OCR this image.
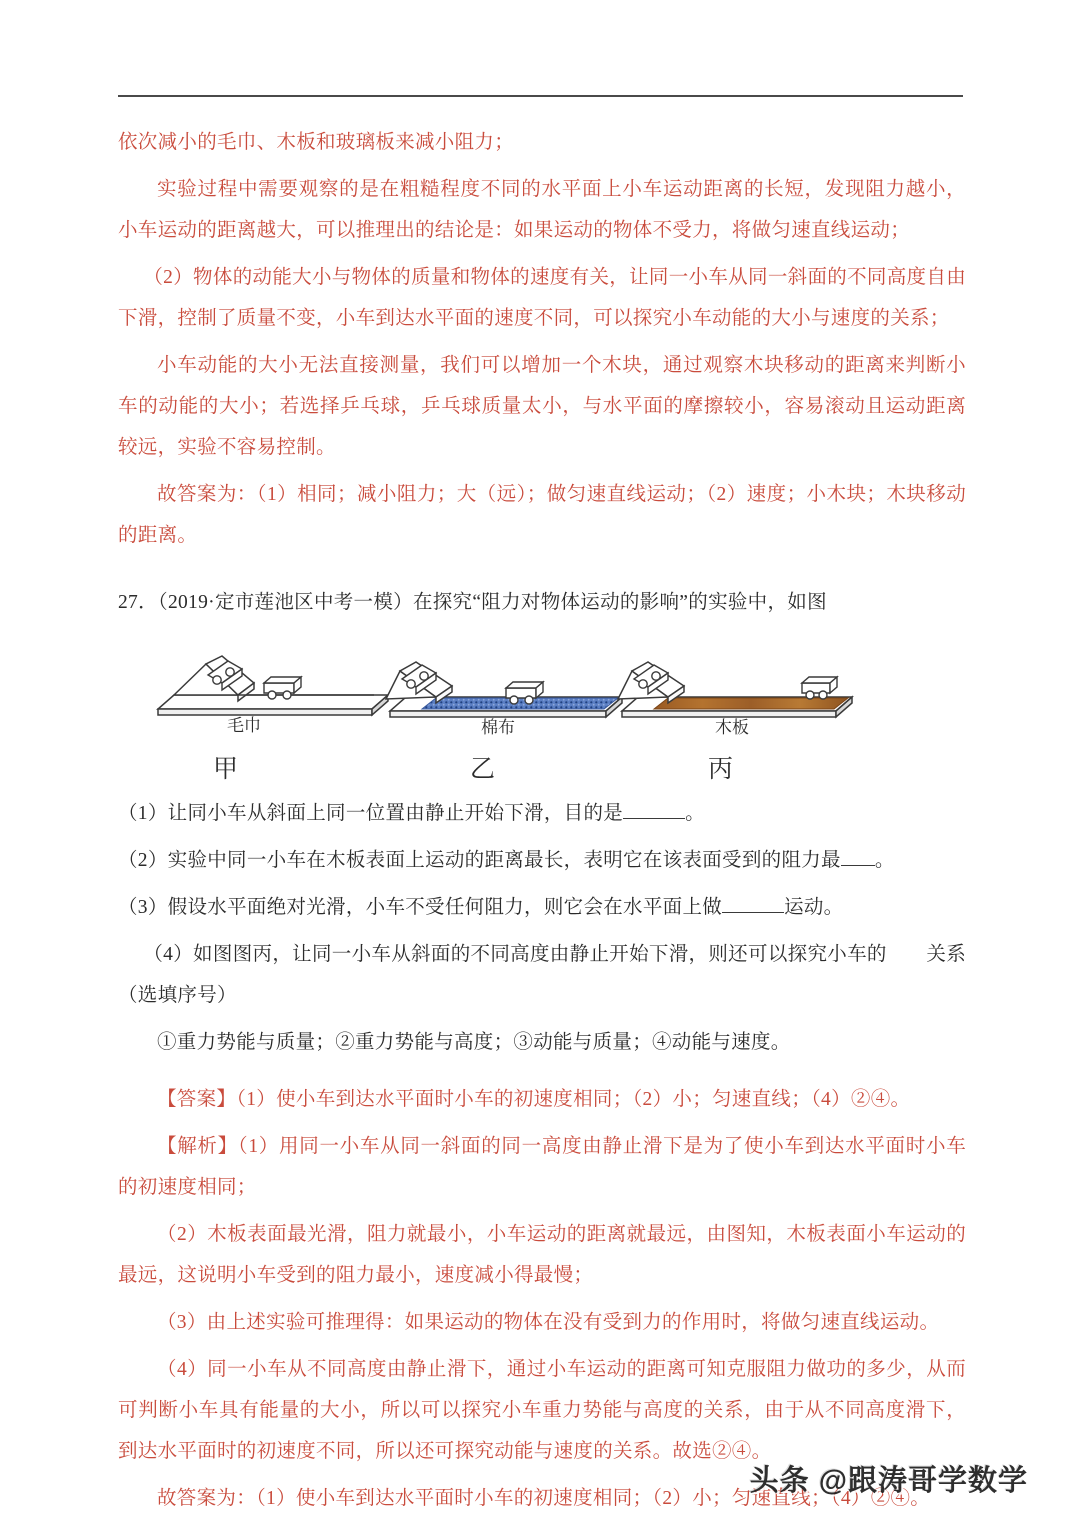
依次减小的毛巾、木板和玻璃板来减小阻力；

实验过程中需要观察的是在粗糙程度不同的水平面上小车运动距离的长短，发现阻力越小，小车运动的距离越大，可以推理出的结论是：如果运动的物体不受力，将做匀速直线运动；

（2）物体的动能大小与物体的质量和物体的速度有关，让同一小车从同一斜面的不同高度自由下滑，控制了质量不变，小车到达水平面的速度不同，可以探究小车动能的大小与速度的关系；

小车动能的大小无法直接测量，我们可以增加一个木块，通过观察木块移动的距离来判断小车的动能的大小；若选择乒乓球，乒乓球质量太小，与水平面的摩擦较小，容易滚动且运动距离较远，实验不容易控制。

故答案为：（1）相同；减小阻力；大（远）；做匀速直线运动；（2）速度；小木块；木块移动的距离。

27．（2019·定市莲池区中考一模）在探究“阻力对物体运动的影响”的实验中，如图

毛巾	棉布	木板
甲	乙	丙

（1）让同小车从斜面上同一位置由静止开始下滑，目的是	。

（2）实验中同一小车在木板表面上运动的距离最长，表明它在该表面受到的阻力最 。

（3）假设水平面绝对光滑，小车不受任何阻力，则它会在水平面上做	运动。

（4）如图图丙，让同一小车从斜面的不同高度由静止开始下滑，则还可以探究小车的　　关系（选填序号）

①重力势能与质量；②重力势能与高度；③动能与质量；④动能与速度。

【答案】（1）使小车到达水平面时小车的初速度相同；（2）小；匀速直线；（4）②④。

【解析】（1）用同一小车从同一斜面的同一高度由静止滑下是为了使小车到达水平面时小车的初速度相同；

（2）木板表面最光滑，阻力就最小，小车运动的距离就最远，由图知，木板表面小车运动的最远，这说明小车受到的阻力最小，速度减小得最慢；

（3）由上述实验可推理得：如果运动的物体在没有受到力的作用时，将做匀速直线运动。

（4）同一小车从不同高度由静止滑下，通过小车运动的距离可知克服阻力做功的多少，从而可判断小车具有能量的大小，所以可以探究小车重力势能与高度的关系，由于从不同高度滑下，到达水平面时的初速度不同，所以还可探究动能与速度的关系。故选②④。

故答案为：（1）使小车到达水平面时小车的初速度相同；（2）小；匀速直线；（4）②④。

头条 @跟涛哥学数学
